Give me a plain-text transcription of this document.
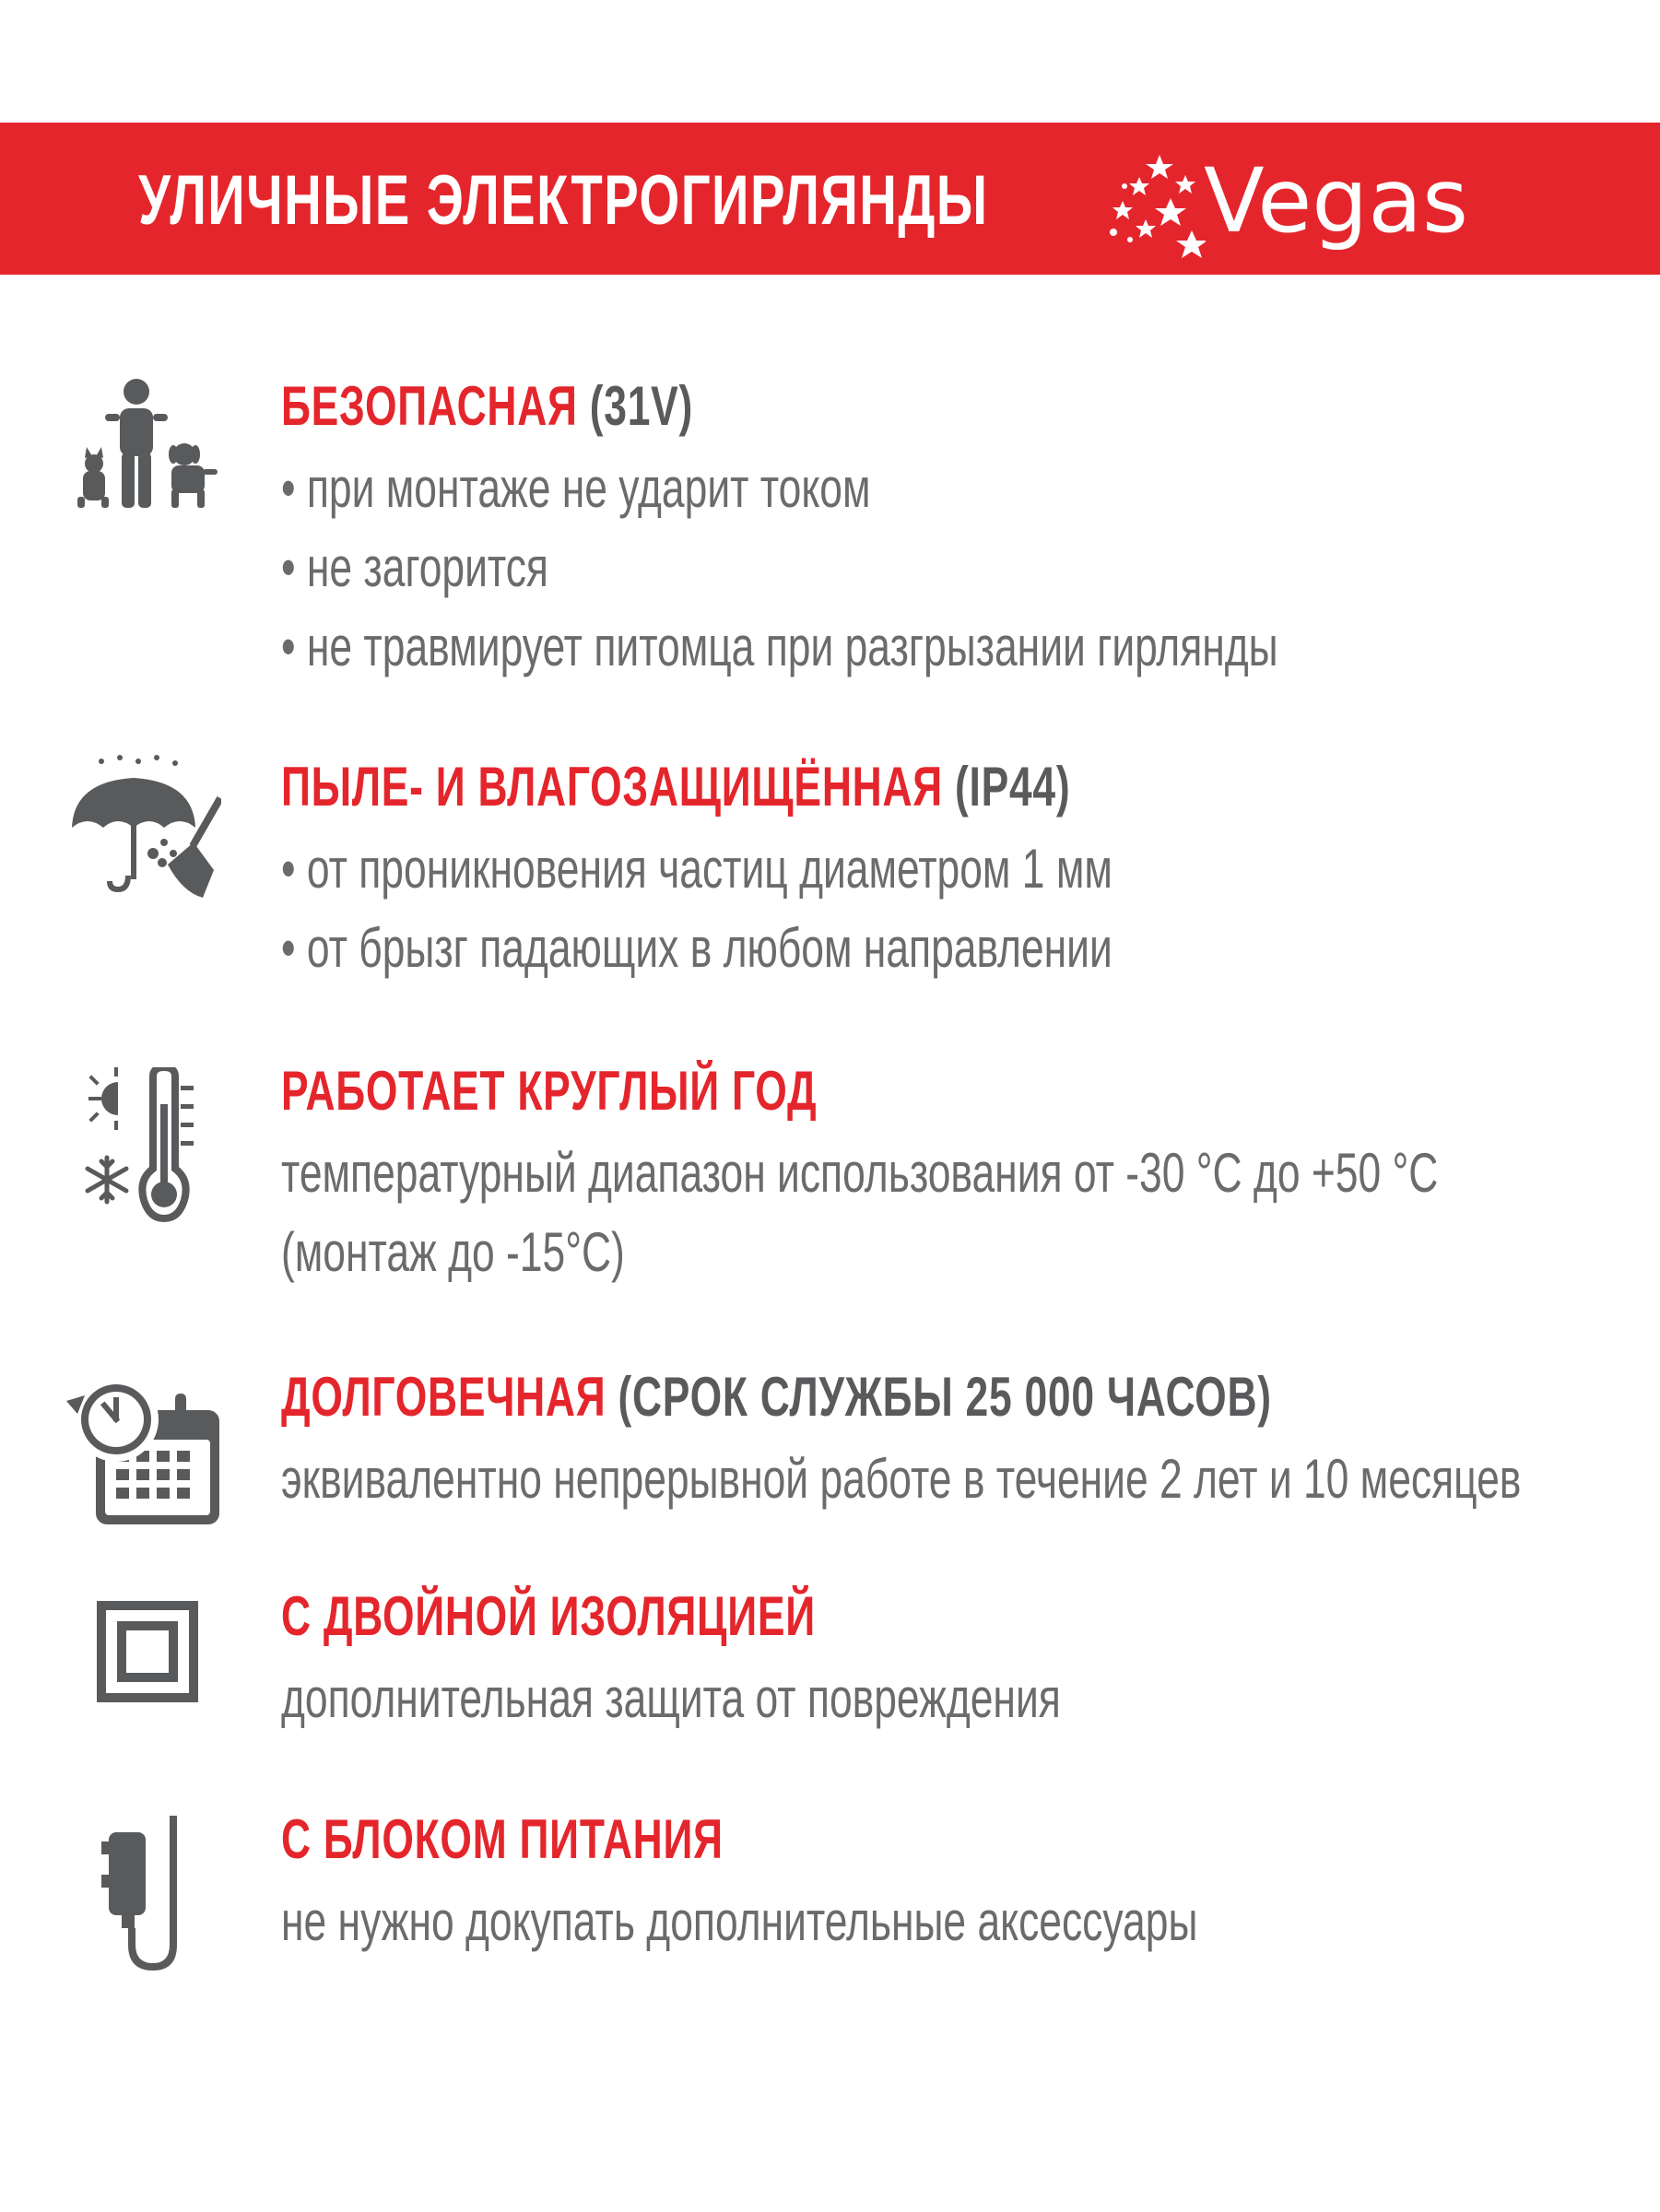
УЛИЧНЫЕ ЭЛЕКТРОГИРЛЯНДЫ Vegas
БЕЗОПАСНАЯ (31V)
• при монтаже не ударит током
• не загорится
• не травмирует питомца при разгрызании гирлянды
ПЫЛЕ- И ВЛАГОЗАЩИЩЁННАЯ (IP44)
• от проникновения частиц диаметром 1 мм
• от брызг падающих в любом направлении
РАБОТАЕТ КРУГЛЫЙ ГОД
температурный диапазон использования от -30 °С до +50 °С
(монтаж до -15°С)
ДОЛГОВЕЧНАЯ (СРОК СЛУЖБЫ 25 000 ЧАСОВ)
эквивалентно непрерывной работе в течение 2 лет и 10 месяцев
С ДВОЙНОЙ ИЗОЛЯЦИЕЙ
дополнительная защита от повреждения
С БЛОКОМ ПИТАНИЯ
не нужно докупать дополнительные аксессуары
